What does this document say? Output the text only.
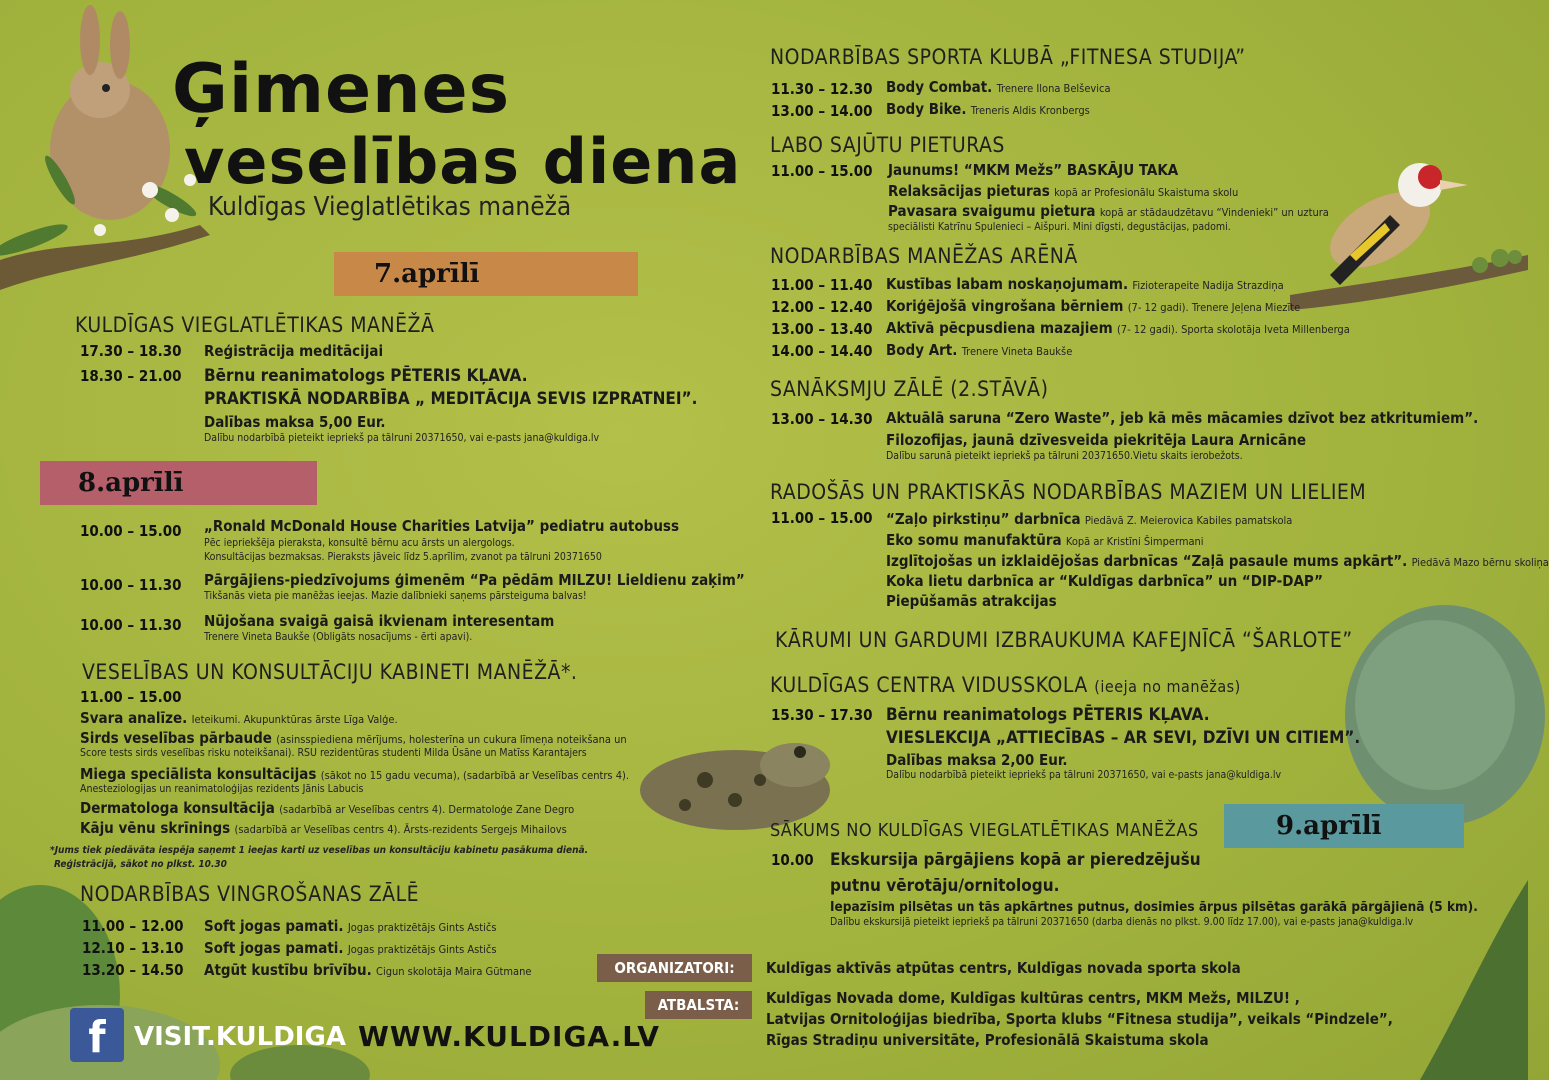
Ģimenes
veselības diena
Kuldīgas Vieglatlētikas manēžā
7.aprīlī
8.aprīlī
9.aprīlī
KULDĪGAS VIEGLATLĒTIKAS MANĒŽĀ
17.30 – 18.30 Reģistrācija meditācijai
18.30 – 21.00 Bērnu reanimatologs PĒTERIS KĻAVA.
PRAKTISKĀ NODARBĪBA „ MEDITĀCIJA SEVIS IZPRATNEI”.
Dalības maksa 5,00 Eur.
Dalību nodarbībā pieteikt iepriekš pa tālruni 20371650, vai e-pasts jana@kuldiga.lv
10.00 – 15.00 „Ronald McDonald House Charities Latvija” pediatru autobuss
Pēc iepriekšēja pieraksta, konsultē bērnu acu ārsts un alergologs.
Konsultācijas bezmaksas. Pieraksts jāveic līdz 5.aprīlim, zvanot pa tālruni 20371650
10.00 – 11.30 Pārgājiens-piedzīvojums ģimenēm “Pa pēdām MILZU! Lieldienu zaķim”
Tikšanās vieta pie manēžas ieejas. Mazie dalībnieki saņems pārsteiguma balvas!
10.00 – 11.30 Nūjošana svaigā gaisā ikvienam interesentam
Trenere Vineta Baukše (Obligāts nosacījums - ērti apavi).
VESELĪBAS UN KONSULTĀCIJU KABINETI MANĒŽĀ*.
11.00 – 15.00
Svara analīze. Ieteikumi. Akupunktūras ārste Līga Valģe.
Sirds veselības pārbaude (asinsspiediena mērījums, holesterīna un cukura līmeņa noteikšana un
Score tests sirds veselības risku noteikšanai). RSU rezidentūras studenti Milda Ūsāne un Matīss Karantajers
Miega speciālista konsultācijas (sākot no 15 gadu vecuma), (sadarbībā ar Veselības centrs 4).
Anesteziologijas un reanimatoloģijas rezidents Jānis Labucis
Dermatologa konsultācija (sadarbībā ar Veselības centrs 4). Dermatoloģe Zane Degro
Kāju vēnu skrīnings (sadarbībā ar Veselības centrs 4). Ārsts-rezidents Sergejs Mihailovs
*Jums tiek piedāvāta iespēja saņemt 1 ieejas karti uz veselības un konsultāciju kabinetu pasākuma dienā.
Reģistrācijā, sākot no plkst. 10.30
NODARBĪBAS VINGROŠANAS ZĀLĒ
11.00 – 12.00 Soft jogas pamati. Jogas praktizētājs Gints Astičs
12.10 – 13.10 Soft jogas pamati. Jogas praktizētājs Gints Astičs
13.20 – 14.50 Atgūt kustību brīvību. Cigun skolotāja Maira Gūtmane
NODARBĪBAS SPORTA KLUBĀ „FITNESA STUDIJA”
11.30 – 12.30 Body Combat. Trenere Ilona Belševica
13.00 – 14.00 Body Bike. Treneris Aldis Kronbergs
LABO SAJŪTU PIETURAS
11.00 – 15.00 Jaunums! “MKM Mežs” BASKĀJU TAKA
Relaksācijas pieturas kopā ar Profesionālu Skaistuma skolu
Pavasara svaigumu pietura kopā ar stādaudzētavu “Vindenieki” un uztura
speciālisti Katrīnu Spulenieci – Aišpuri. Mini dīgsti, degustācijas, padomi.
NODARBĪBAS MANĒŽAS ARĒNĀ
11.00 – 11.40 Kustības labam noskaņojumam. Fizioterapeite Nadija Strazdiņa
12.00 – 12.40 Koriģējošā vingrošana bērniem (7- 12 gadi). Trenere Jeļena Miezīte
13.00 – 13.40 Aktīvā pēcpusdiena mazajiem (7- 12 gadi). Sporta skolotāja Iveta Millenberga
14.00 – 14.40 Body Art. Trenere Vineta Baukše
SANĀKSMJU ZĀLĒ (2.STĀVĀ)
13.00 – 14.30 Aktuālā saruna “Zero Waste”, jeb kā mēs mācamies dzīvot bez atkritumiem”.
Filozofijas, jaunā dzīvesveida piekritēja Laura Arnicāne
Dalību sarunā pieteikt iepriekš pa tālruni 20371650.Vietu skaits ierobežots.
RADOŠĀS UN PRAKTISKĀS NODARBĪBAS MAZIEM UN LIELIEM
11.00 – 15.00 “Zaļo pirkstiņu” darbnīca Piedāvā Z. Meierovica Kabiles pamatskola
Eko somu manufaktūra Kopā ar Kristīni Šimpermani
Izglītojošas un izklaidējošas darbnīcas “Zaļā pasaule mums apkārt”. Piedāvā Mazo bērnu skoliņa
Koka lietu darbnīca ar “Kuldīgas darbnīca” un “DIP-DAP”
Piepūšamās atrakcijas
KĀRUMI UN GARDUMI IZBRAUKUMA KAFEJNĪCĀ “ŠARLOTE”
KULDĪGAS CENTRA VIDUSSKOLA (ieeja no manēžas)
15.30 – 17.30 Bērnu reanimatologs PĒTERIS KĻAVA.
VIESLEKCIJA „ATTIECĪBAS – AR SEVI, DZĪVI UN CITIEM”.
Dalības maksa 2,00 Eur.
Dalību nodarbībā pieteikt iepriekš pa tālruni 20371650, vai e-pasts jana@kuldiga.lv
SĀKUMS NO KULDĪGAS VIEGLATLĒTIKAS MANĒŽAS
10.00 Ekskursija pārgājiens kopā ar pieredzējušu
putnu vērotāju/ornitologu.
Iepazīsim pilsētas un tās apkārtnes putnus, dosimies ārpus pilsētas garākā pārgājienā (5 km).
Dalību ekskursijā pieteikt iepriekš pa tālruni 20371650 (darba dienās no plkst. 9.00 līdz 17.00), vai e-pasts jana@kuldiga.lv
ORGANIZATORI:	Kuldīgas aktīvās atpūtas centrs, Kuldīgas novada sporta skola
ATBALSTA:	Kuldīgas Novada dome, Kuldīgas kultūras centrs, MKM Mežs, MILZU! ,
Latvijas Ornitoloģijas biedrība, Sporta klubs “Fitnesa studija”, veikals “Pindzele”,
Rīgas Stradiņu universitāte, Profesionālā Skaistuma skola
f	VISIT.KULDIGA WWW.KULDIGA.LV
